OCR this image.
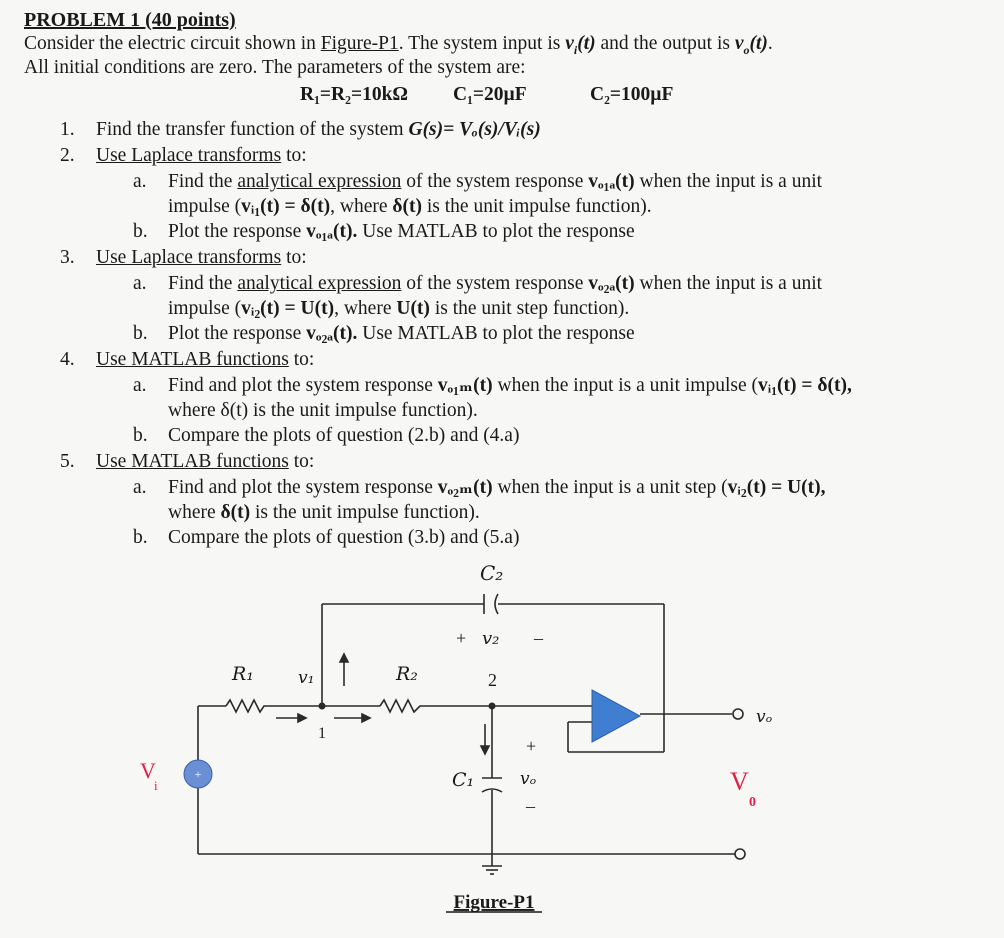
PROBLEM 1 (40 points)
Consider the electric circuit shown in Figure-P1. The system input is $v_i(t)$ and the output is $v_o(t)$.
All initial conditions are zero. The parameters of the system are:
R₁=R₂=10kΩ C₁=20µF	C₂=100µF
1. Find the transfer function of the system G(s)= Vₒ(s)/Vᵢ(s)
2. Use Laplace transforms to:
a. Find the analytical expression of the system response vₒ₁ₐ(t) when the input is a unit
impulse (vᵢ₁(t) = δ(t), where δ(t) is the unit impulse function).
b. Plot the response vₒ₁ₐ(t). Use MATLAB to plot the response
3. Use Laplace transforms to:
a. Find the analytical expression of the system response vₒ₂ₐ(t) when the input is a unit
impulse (vᵢ₂(t) = U(t), where U(t) is the unit step function).
b. Plot the response vₒ₂ₐ(t). Use MATLAB to plot the response
4. Use MATLAB functions to:
a. Find and plot the system response vₒ₁ₘ(t) when the input is a unit impulse (vᵢ₁(t) = δ(t),
where δ(t) is the unit impulse function).
b. Compare the plots of question (2.b) and (4.a)
5. Use MATLAB functions to:
a. Find and plot the system response vₒ₂ₘ(t) when the input is a unit step (vᵢ₂(t) = U(t),
where δ(t) is the unit impulse function).
b. Compare the plots of question (3.b) and (5.a)
+
C₂
+ v₂ –
2
R₁	v₁	R₂
1
C₁
+
vₒ
–
vₒ
V
i	V
0
Figure-P1
